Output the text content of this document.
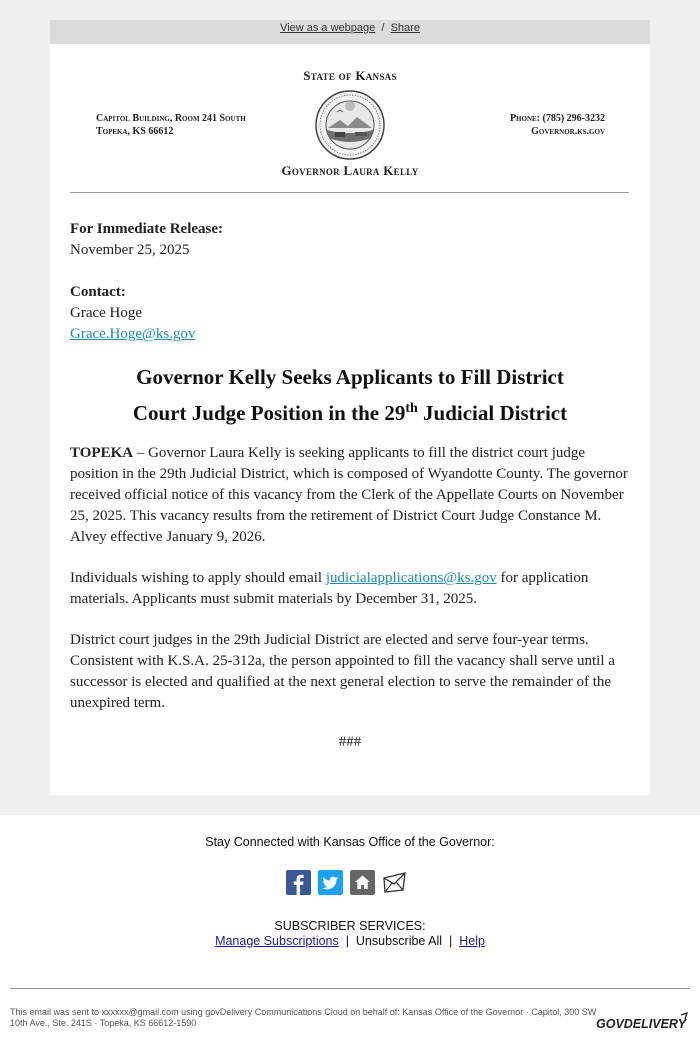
View as a webpage / Share
State of Kansas
Capitol Building, Room 241 South
Topeka, KS 66612
Phone: (785) 296-3232
Governor.ks.gov
Governor Laura Kelly
For Immediate Release:
November 25, 2025
Contact:
Grace Hoge
Grace.Hoge@ks.gov
Governor Kelly Seeks Applicants to Fill District
Court Judge Position in the 29th Judicial District
TOPEKA – Governor Laura Kelly is seeking applicants to fill the district court judge position in the 29th Judicial District, which is composed of Wyandotte County. The governor received official notice of this vacancy from the Clerk of the Appellate Courts on November 25, 2025. This vacancy results from the retirement of District Court Judge Constance M. Alvey effective January 9, 2026.
Individuals wishing to apply should email judicialapplications@ks.gov for application materials. Applicants must submit materials by December 31, 2025.
District court judges in the 29th Judicial District are elected and serve four-year terms. Consistent with K.S.A. 25-312a, the person appointed to fill the vacancy shall serve until a successor is elected and qualified at the next general election to serve the remainder of the unexpired term.
###
Stay Connected with Kansas Office of the Governor:
SUBSCRIBER SERVICES:
Manage Subscriptions | Unsubscribe All | Help
This email was sent to xxxxxx@gmail.com using govDelivery Communications Cloud on behalf of: Kansas Office of the Governor · Capitol, 300 SW 10th Ave., Ste. 241S · Topeka, KS 66612-1590	GOVDELIVERY
